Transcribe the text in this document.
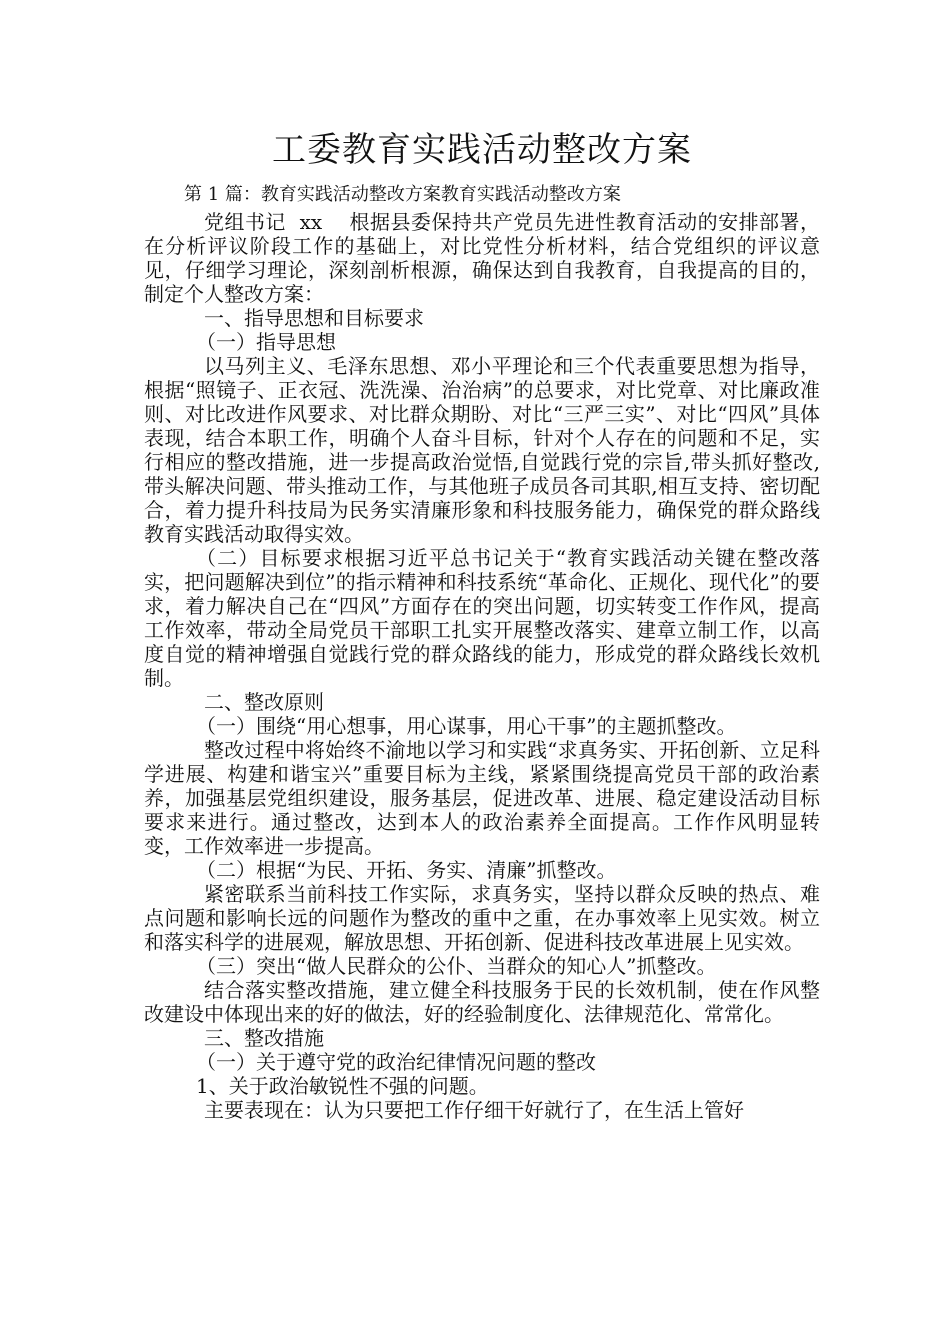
工委教育实践活动整改方案
第 1 篇：教育实践活动整改方案教育实践活动整改方案

党组书记  xx    根据县委保持共产党员先进性教育活动的安排部署，在分析评议阶段工作的基础上，对比党性分析材料，结合党组织的评议意见，仔细学习理论，深刻剖析根源，确保达到自我教育，自我提高的目的，制定个人整改方案：

一、指导思想和目标要求

（一）指导思想

以马列主义、毛泽东思想、邓小平理论和三个代表重要思想为指导，根据“照镜子、正衣冠、洗洗澡、治治病”的总要求，对比党章、对比廉政准则、对比改进作风要求、对比群众期盼、对比“三严三实”、对比“四风”具体表现，结合本职工作，明确个人奋斗目标，针对个人存在的问题和不足，实行相应的整改措施，进一步提高政治觉悟,自觉践行党的宗旨,带头抓好整改,带头解决问题、带头推动工作，与其他班子成员各司其职,相互支持、密切配合，着力提升科技局为民务实清廉形象和科技服务能力，确保党的群众路线教育实践活动取得实效。

（二）目标要求根据习近平总书记关于“教育实践活动关键在整改落实，把问题解决到位”的指示精神和科技系统“革命化、正规化、现代化”的要求，着力解决自己在“四风”方面存在的突出问题，切实转变工作作风，提高工作效率，带动全局党员干部职工扎实开展整改落实、建章立制工作，以高度自觉的精神增强自觉践行党的群众路线的能力，形成党的群众路线长效机制。

二、整改原则

（一）围绕“用心想事，用心谋事，用心干事”的主题抓整改。

整改过程中将始终不渝地以学习和实践“求真务实、开拓创新、立足科学进展、构建和谐宝兴”重要目标为主线，紧紧围绕提高党员干部的政治素养，加强基层党组织建设，服务基层，促进改革、进展、稳定建设活动目标要求来进行。通过整改，达到本人的政治素养全面提高。工作作风明显转变，工作效率进一步提高。

（二）根据“为民、开拓、务实、清廉”抓整改。

紧密联系当前科技工作实际，求真务实，坚持以群众反映的热点、难点问题和影响长远的问题作为整改的重中之重，在办事效率上见实效。树立和落实科学的进展观，解放思想、开拓创新、促进科技改革进展上见实效。

（三）突出“做人民群众的公仆、当群众的知心人”抓整改。

结合落实整改措施，建立健全科技服务于民的长效机制，使在作风整改建设中体现出来的好的做法，好的经验制度化、法律规范化、常常化。

三、整改措施

（一）关于遵守党的政治纪律情况问题的整改

1、关于政治敏锐性不强的问题。

主要表现在：认为只要把工作仔细干好就行了，在生活上管好
